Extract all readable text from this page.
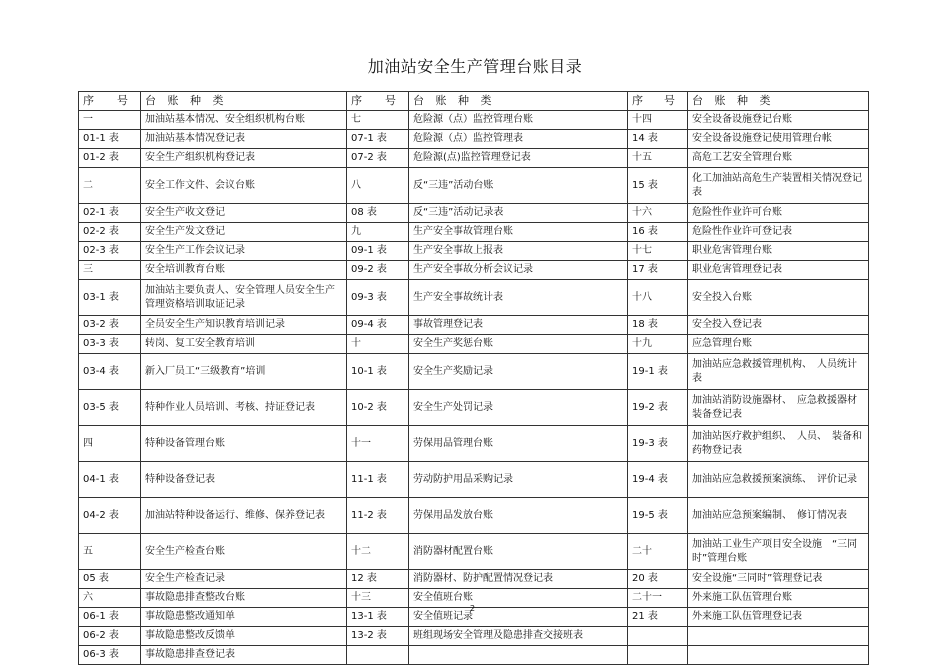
加油站安全生产管理台账目录
序　号	台 账 种 类	序　号	台 账 种 类	序　号	台 账 种 类
一	加油站基本情况、安全组织机构台账	七	危险源（点）监控管理台账	十四	安全设备设施登记台账
01-1 表	加油站基本情况登记表	07-1 表	危险源（点）监控管理表	14 表	安全设备设施登记使用管理台帐
01-2 表	安全生产组织机构登记表	07-2 表	危险源(点)监控管理登记表	十五	高危工艺安全管理台账
二	安全工作文件、会议台账	八	反“三违”活动台账	15 表	化工加油站高危生产装置相关情况登记表
02-1 表	安全生产收文登记	08 表	反“三违”活动记录表	十六	危险性作业许可台账
02-2 表	安全生产发文登记	九	生产安全事故管理台账	16 表	危险性作业许可登记表
02-3 表	安全生产工作会议记录	09-1 表	生产安全事故上报表	十七	职业危害管理台账
三	安全培训教育台账	09-2 表	生产安全事故分析会议记录	17 表	职业危害管理登记表
03-1 表	加油站主要负责人、安全管理人员安全生产管理资格培训取证记录	09-3 表	生产安全事故统计表	十八	安全投入台账
03-2 表	全员安全生产知识教育培训记录	09-4 表	事故管理登记表	18 表	安全投入登记表
03-3 表	转岗、复工安全教育培训	十	安全生产奖惩台账	十九	应急管理台账
03-4 表	新入厂员工“三级教育”培训	10-1 表	安全生产奖励记录	19-1 表	加油站应急救援管理机构、　人员统计表
03-5 表	特种作业人员培训、考核、持证登记表	10-2 表	安全生产处罚记录	19-2 表	加油站消防设施器材、　应急救援器材装备登记表
四	特种设备管理台账	十一	劳保用品管理台账	19-3 表	加油站医疗救护组织、　人员、　装备和药物登记表
04-1 表	特种设备登记表	11-1 表	劳动防护用品采购记录	19-4 表	加油站应急救援预案演练、　评价记录
04-2 表	加油站特种设备运行、维修、保养登记表	11-2 表	劳保用品发放台账	19-5 表	加油站应急预案编制、　修订情况表
五	安全生产检查台账	十二	消防器材配置台账	二十	加油站工业生产项目安全设施　“三同时”管理台账
05 表	安全生产检查记录	12 表	消防器材、防护配置情况登记表	20 表	安全设施“三同时”管理登记表
六	事故隐患排查整改台账	十三	安全值班台账	二十一	外来施工队伍管理台账
06-1 表	事故隐患整改通知单	13-1 表	安全值班记录	21 表	外来施工队伍管理登记表
06-2 表	事故隐患整改反馈单	13-2 表	班组现场安全管理及隐患排查交接班表		
06-3 表	事故隐患排查登记表				
2
